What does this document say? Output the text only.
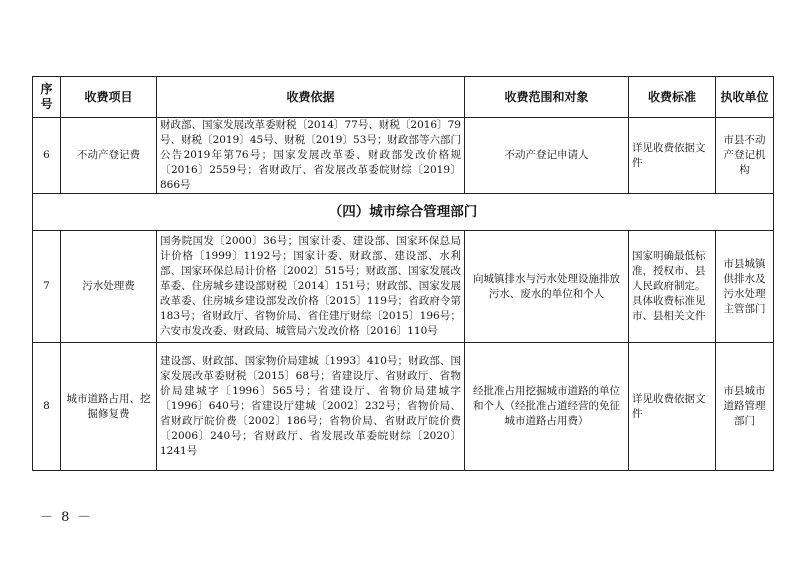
序号	收费项目	收费依据	收费范围和对象	收费标准	执收单位
6	不动产登记费	财政部、国家发展改革委财税〔2014〕77号、财税〔2016〕79号、财税〔2019〕45号、财税〔2019〕53号；财政部等六部门公告2019年第76号；国家发展改革委、财政部发改价格规〔2016〕2559号；省财政厅、省发展改革委皖财综〔2019〕866号	不动产登记申请人	详见收费依据文件	市县不动产登记机构
（四）城市综合管理部门					
7	污水处理费	国务院国发〔2000〕36号；国家计委、建设部、国家环保总局计价格〔1999〕1192号；国家计委、财政部、建设部、水利部、国家环保总局计价格〔2002〕515号；财政部、国家发展改革委、住房城乡建设部财税〔2014〕151号；财政部、国家发展改革委、住房城乡建设部发改价格〔2015〕119号；省政府令第183号；省财政厅、省物价局、省住建厅财综〔2015〕196号；六安市发改委、财政局、城管局六发改价格〔2016〕110号	向城镇排水与污水处理设施排放污水、废水的单位和个人	国家明确最低标准，授权市、县人民政府制定。具体收费标准见市、县相关文件	市县城镇供排水及污水处理主管部门
8	城市道路占用、挖掘修复费	建设部、财政部、国家物价局建城〔1993〕410号；财政部、国家发展改革委财税〔2015〕68号；省建设厅、省财政厅、省物价局建城字〔1996〕565号；省建设厅、省物价局建城字〔1996〕640号；省建设厅建城〔2002〕232号；省物价局、省财政厅皖价费〔2002〕186号；省物价局、省财政厅皖价费〔2006〕240号；省财政厅、省发展改革委皖财综〔2020〕1241号	经批准占用挖掘城市道路的单位和个人（经批准占道经营的免征城市道路占用费）	详见收费依据文件	市县城市道路管理部门
－ 8 －
